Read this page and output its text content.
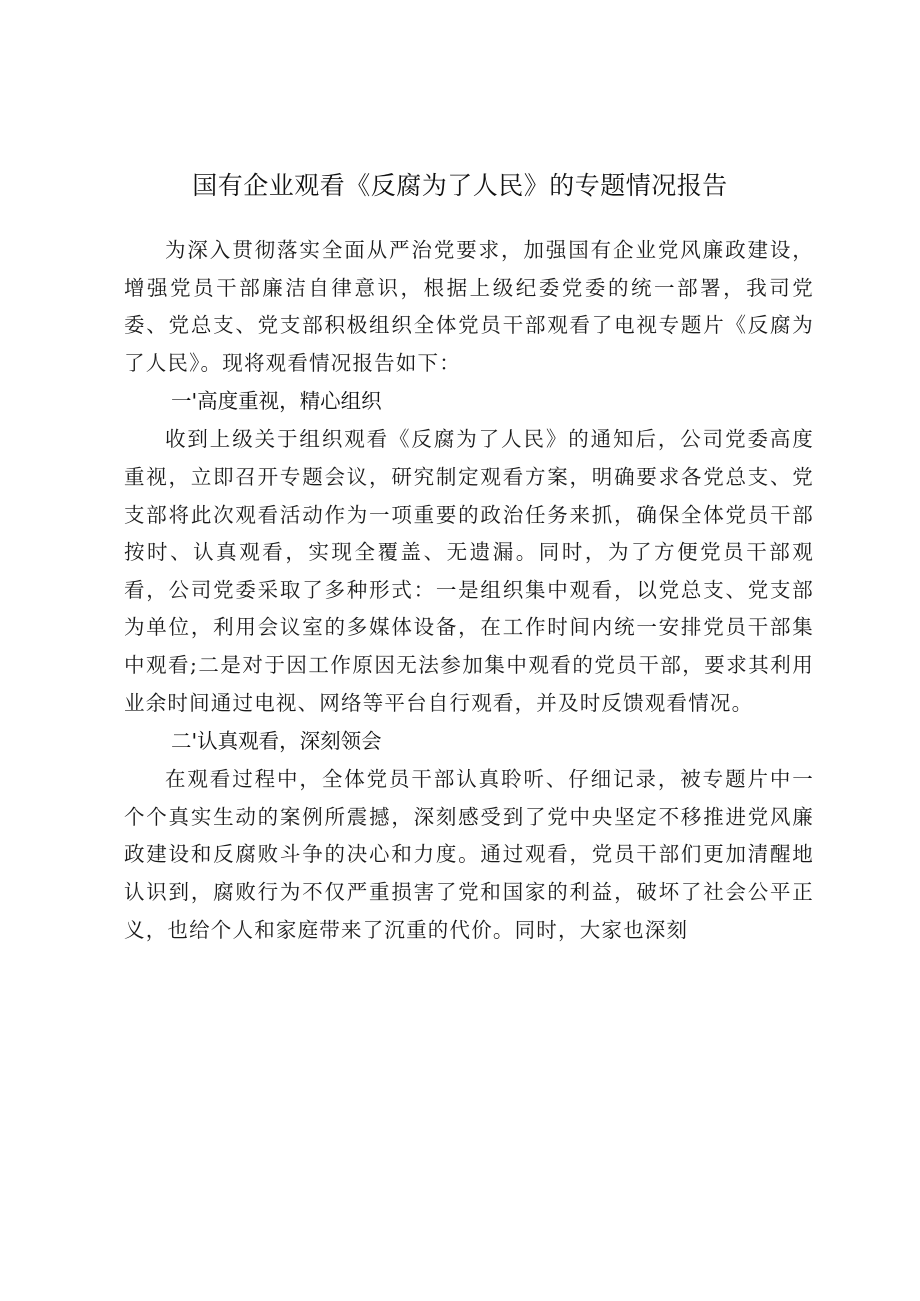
国有企业观看《反腐为了人民》的专题情况报告

为深入贯彻落实全面从严治党要求，加强国有企业党风廉政建设，增强党员干部廉洁自律意识，根据上级纪委党委的统一部署，我司党委、党总支、党支部积极组织全体党员干部观看了电视专题片《反腐为了人民》。现将观看情况报告如下：

一'高度重视，精心组织

收到上级关于组织观看《反腐为了人民》的通知后，公司党委高度重视，立即召开专题会议，研究制定观看方案，明确要求各党总支、党支部将此次观看活动作为一项重要的政治任务来抓，确保全体党员干部按时、认真观看，实现全覆盖、无遗漏。同时，为了方便党员干部观看，公司党委采取了多种形式：一是组织集中观看，以党总支、党支部为单位，利用会议室的多媒体设备，在工作时间内统一安排党员干部集中观看;二是对于因工作原因无法参加集中观看的党员干部，要求其利用业余时间通过电视、网络等平台自行观看，并及时反馈观看情况。

二'认真观看，深刻领会

在观看过程中，全体党员干部认真聆听、仔细记录，被专题片中一个个真实生动的案例所震撼，深刻感受到了党中央坚定不移推进党风廉政建设和反腐败斗争的决心和力度。通过观看，党员干部们更加清醒地认识到，腐败行为不仅严重损害了党和国家的利益，破坏了社会公平正义，也给个人和家庭带来了沉重的代价。同时，大家也深刻
